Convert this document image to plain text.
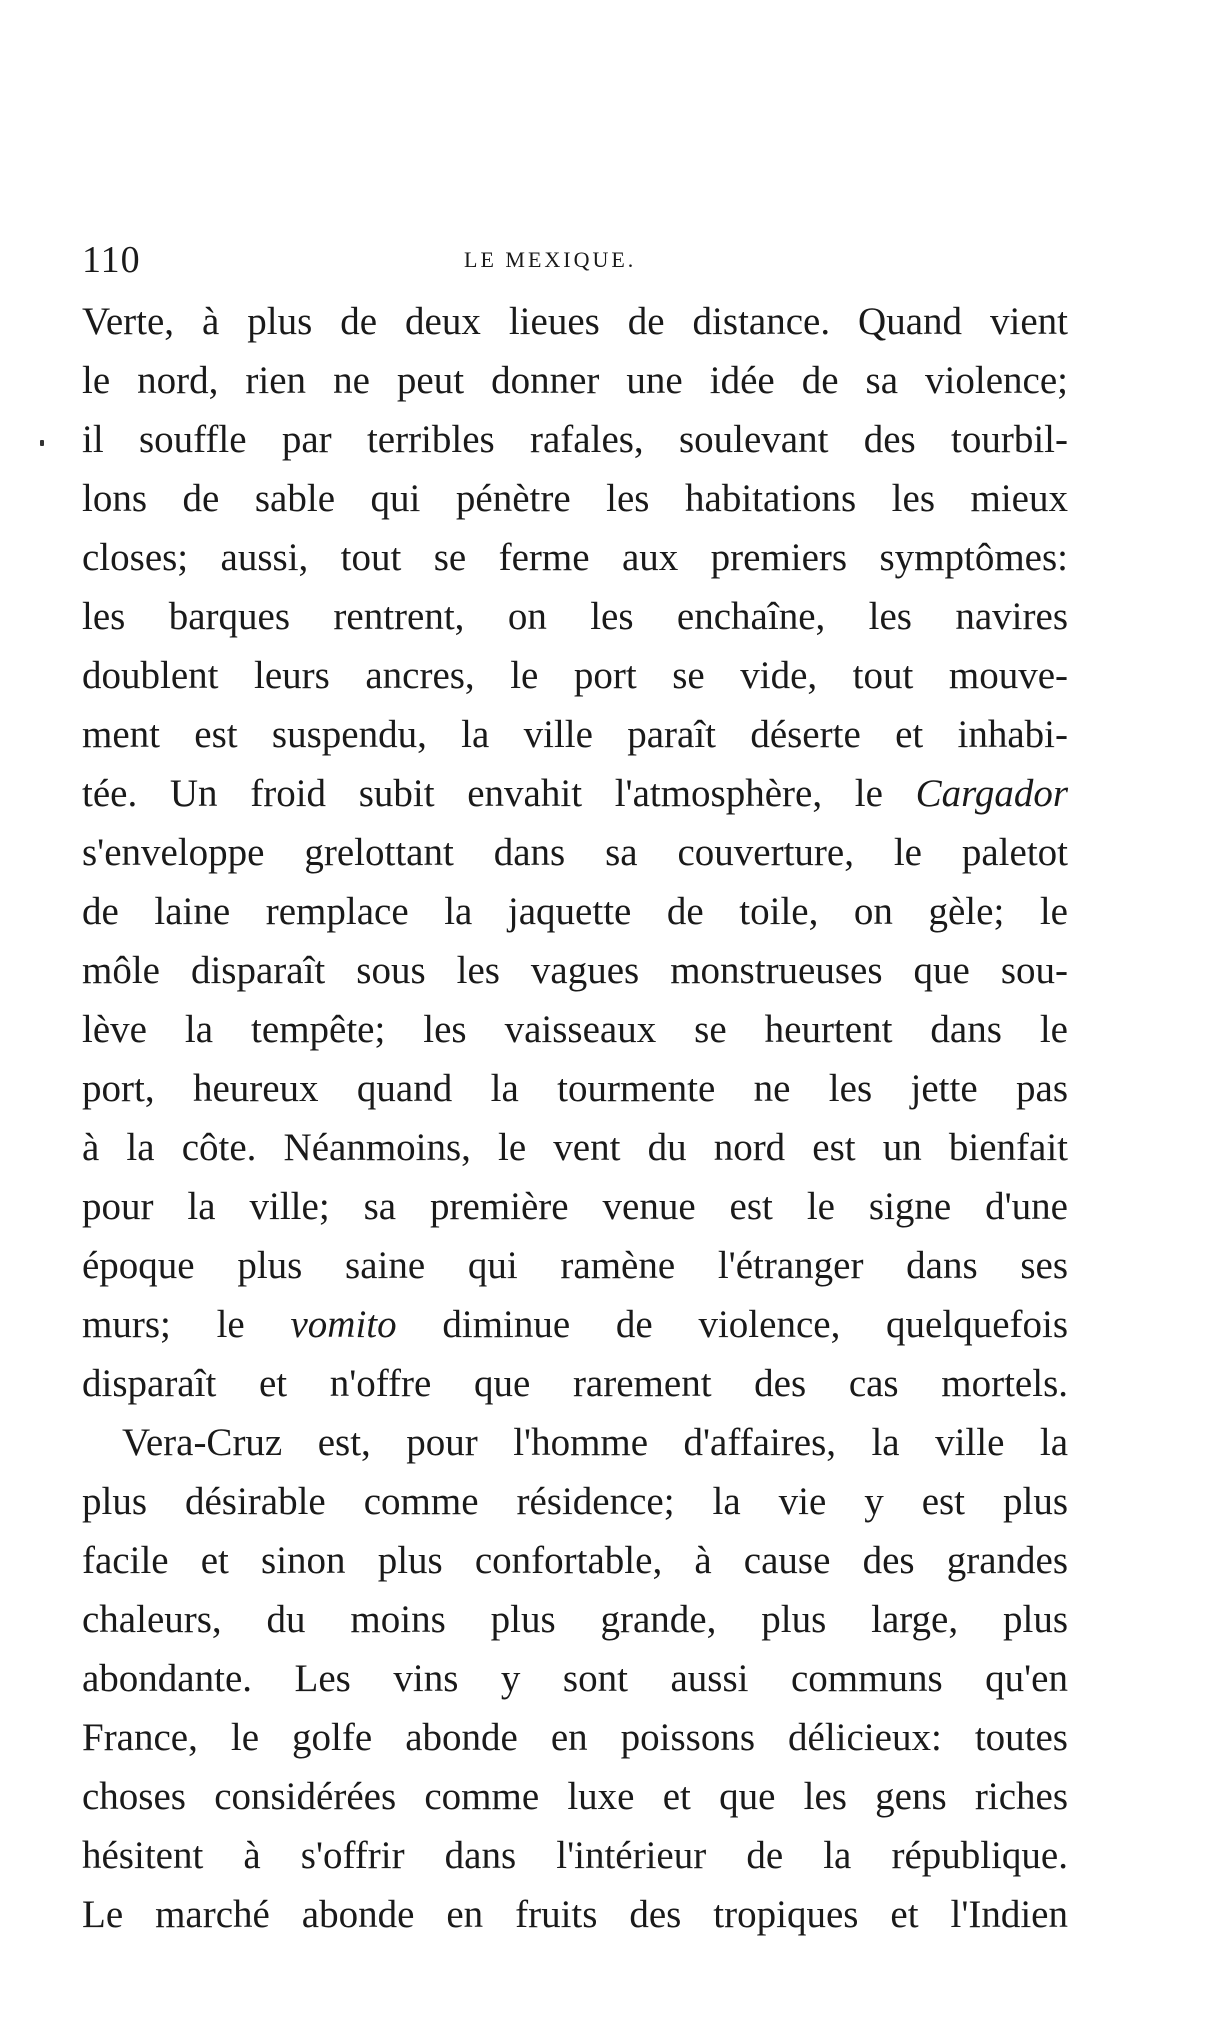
110	LE MEXIQUE.
Verte, à plus de deux lieues de distance. Quand vient
le nord, rien ne peut donner une idée de sa violence;
il souffle par terribles rafales, soulevant des tourbil-
lons de sable qui pénètre les habitations les mieux
closes; aussi, tout se ferme aux premiers symptômes:
les barques rentrent, on les enchaîne, les navires
doublent leurs ancres, le port se vide, tout mouve-
ment est suspendu, la ville paraît déserte et inhabi-
tée. Un froid subit envahit l'atmosphère, le Cargador
s'enveloppe grelottant dans sa couverture, le paletot
de laine remplace la jaquette de toile, on gèle; le
môle disparaît sous les vagues monstrueuses que sou-
lève la tempête; les vaisseaux se heurtent dans le
port, heureux quand la tourmente ne les jette pas
à la côte. Néanmoins, le vent du nord est un bienfait
pour la ville; sa première venue est le signe d'une
époque plus saine qui ramène l'étranger dans ses
murs; le vomito diminue de violence, quelquefois
disparaît et n'offre que rarement des cas mortels.
Vera-Cruz est, pour l'homme d'affaires, la ville la
plus désirable comme résidence; la vie y est plus
facile et sinon plus confortable, à cause des grandes
chaleurs, du moins plus grande, plus large, plus
abondante. Les vins y sont aussi communs qu'en
France, le golfe abonde en poissons délicieux: toutes
choses considérées comme luxe et que les gens riches
hésitent à s'offrir dans l'intérieur de la république.
Le marché abonde en fruits des tropiques et l'Indien
